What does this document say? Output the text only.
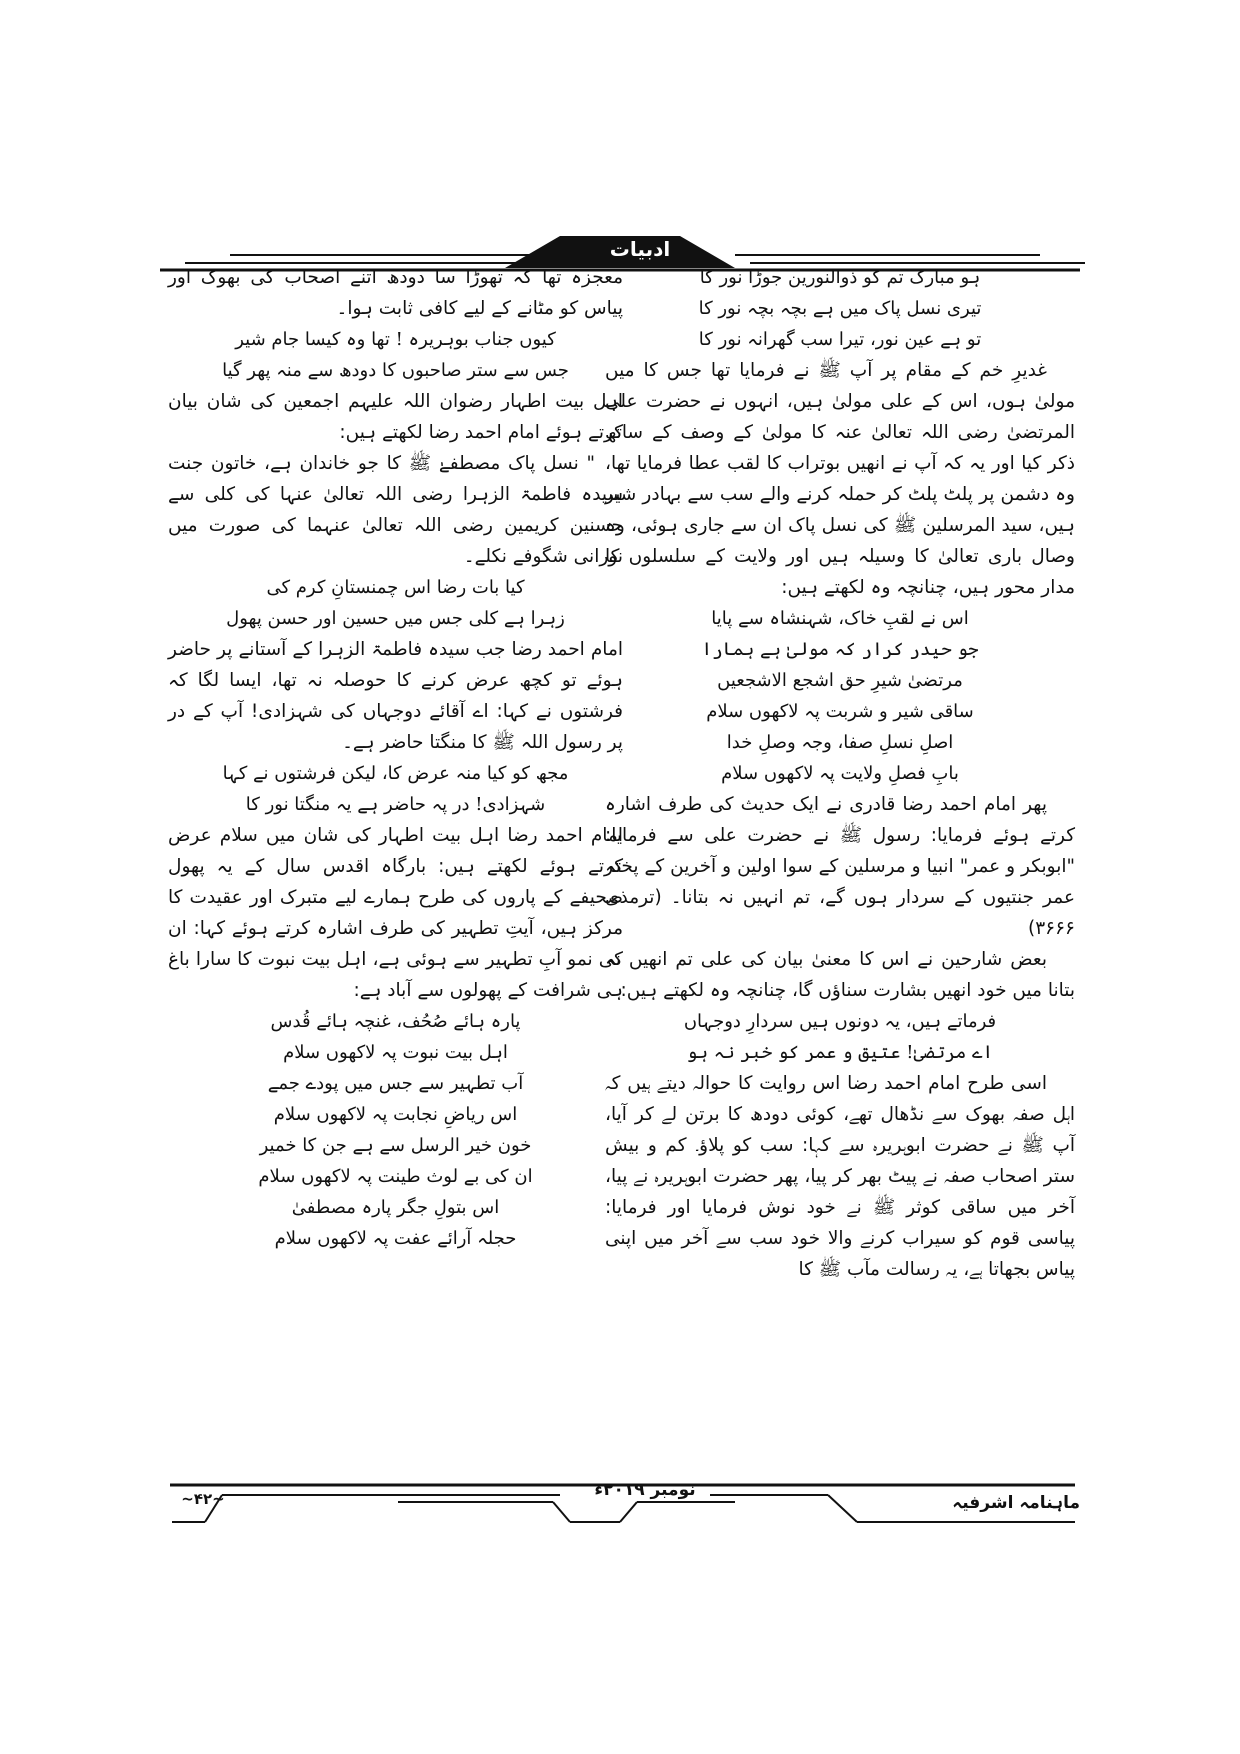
ادبیات

ہو مبارک تم کو ذوالنورین جوڑا نور کا

تیری نسل پاک میں ہے بچہ بچہ نور کا

تو ہے عین نور، تیرا سب گھرانہ نور کا

غدیرِ خم کے مقام پر آپ ﷺ نے فرمایا تھا جس کا میں مولیٰ ہوں، اس کے علی مولیٰ ہیں، انہوں نے حضرت علی المرتضیٰ رضی اللہ تعالیٰ عنہ کا مولیٰ کے وصف کے ساتھ ذکر کیا اور یہ کہ آپ نے انھیں بوتراب کا لقب عطا فرمایا تھا، وہ دشمن پر پلٹ پلٹ کر حملہ کرنے والے سب سے بہادر شیر ہیں، سید المرسلین ﷺ کی نسل پاک ان سے جاری ہوئی، وہ وصال باری تعالیٰ کا وسیلہ ہیں اور ولایت کے سلسلوں کا مدار محور ہیں، چنانچہ وہ لکھتے ہیں:

اس نے لقبِ خاک، شہنشاہ سے پایا

جو حیدر کرار کہ مولیٰ ہے ہمارا

مرتضیٰ شیرِ حق اشجع الاشجعیں

ساقی شیر و شربت پہ لاکھوں سلام

اصلِ نسلِ صفا، وجہ وصلِ خدا

بابِ فصلِ ولایت پہ لاکھوں سلام

پھر امام احمد رضا قادری نے ایک حدیث کی طرف اشارہ کرتے ہوئے فرمایا: رسول ﷺ نے حضرت علی سے فرمایا: "ابوبکر و عمر" انبیا و مرسلین کے سوا اولین و آخرین کے پختہ عمر جنتیوں کے سردار ہوں گے، تم انہیں نہ بتانا۔ (ترمذی ۳۶۶۶)

بعض شارحین نے اس کا معنیٰ بیان کی علی تم انھیں نہ بتانا میں خود انھیں بشارت سناؤں گا، چنانچہ وہ لکھتے ہیں:

فرماتے ہیں، یہ دونوں ہیں سردارِ دوجہاں

اے مرتضیٰ! عتیق و عمر کو خبر نہ ہو

اسی طرح امام احمد رضا اس روایت کا حوالہ دیتے ہیں کہ اہل صفہ بھوک سے نڈھال تھے، کوئی دودھ کا برتن لے کر آیا، آپ ﷺ نے حضرت ابوہریرہ سے کہا: سب کو پلاؤ۔ کم و بیش ستر اصحاب صفہ نے پیٹ بھر کر پیا، پھر حضرت ابوہریرہ نے پیا، آخر میں ساقی کوثر ﷺ نے خود نوش فرمایا اور فرمایا: پیاسی قوم کو سیراب کرنے والا خود سب سے آخر میں اپنی پیاس بجھاتا ہے، یہ رسالت مآب ﷺ کا

معجزہ تھا کہ تھوڑا سا دودھ اتنے اصحاب کی بھوک اور پیاس کو مٹانے کے لیے کافی ثابت ہوا۔

کیوں جناب بوہریرہ ! تھا وہ کیسا جام شیر

جس سے ستر صاحبوں کا دودھ سے منہ پھر گیا

اہل بیت اطہار رضوان اللہ علیہم اجمعین کی شان بیان کرتے ہوئے امام احمد رضا لکھتے ہیں:

" نسل پاک مصطفےٰ ﷺ کا جو خاندان ہے، خاتون جنت سیدہ فاطمۃ الزہرا رضی اللہ تعالیٰ عنہا کی کلی سے حسنین کریمین رضی اللہ تعالیٰ عنہما کی صورت میں نورانی شگوفے نکلے۔

کیا بات رضا اس چمنستانِ کرم کی

زہرا ہے کلی جس میں حسین اور حسن پھول

امام احمد رضا جب سیدہ فاطمۃ الزہرا کے آستانے پر حاضر ہوئے تو کچھ عرض کرنے کا حوصلہ نہ تھا، ایسا لگا کہ فرشتوں نے کہا: اے آقائے دوجہاں کی شہزادی! آپ کے در پر رسول اللہ ﷺ کا منگتا حاضر ہے۔

مجھ کو کیا منہ عرض کا، لیکن فرشتوں نے کہا

شہزادی! در پہ حاضر ہے یہ منگتا نور کا

امام احمد رضا اہل بیت اطہار کی شان میں سلام عرض کرتے ہوئے لکھتے ہیں: بارگاہ اقدس سال کے یہ پھول صحیفے کے پاروں کی طرح ہمارے لیے متبرک اور عقیدت کا مرکز ہیں، آیتِ تطہیر کی طرف اشارہ کرتے ہوئے کہا: ان کی نمو آبِ تطہیر سے ہوئی ہے، اہل بیت نبوت کا سارا باغ ہی شرافت کے پھولوں سے آباد ہے:

پارہ ہائے صُحُف، غنچہ ہائے قُدس

اہل بیت نبوت پہ لاکھوں سلام

آب تطہیر سے جس میں پودے جمے

اس ریاضِ نجابت پہ لاکھوں سلام

خون خیر الرسل سے ہے جن کا خمیر

ان کی بے لوث طینت پہ لاکھوں سلام

اس بتولِ جگر پارہ مصطفیٰ

حجلہ آرائے عفت پہ لاکھوں سلام

~۴۲~	نومبر ۲۰۱۹ء
ماہنامہ اشرفیہ
